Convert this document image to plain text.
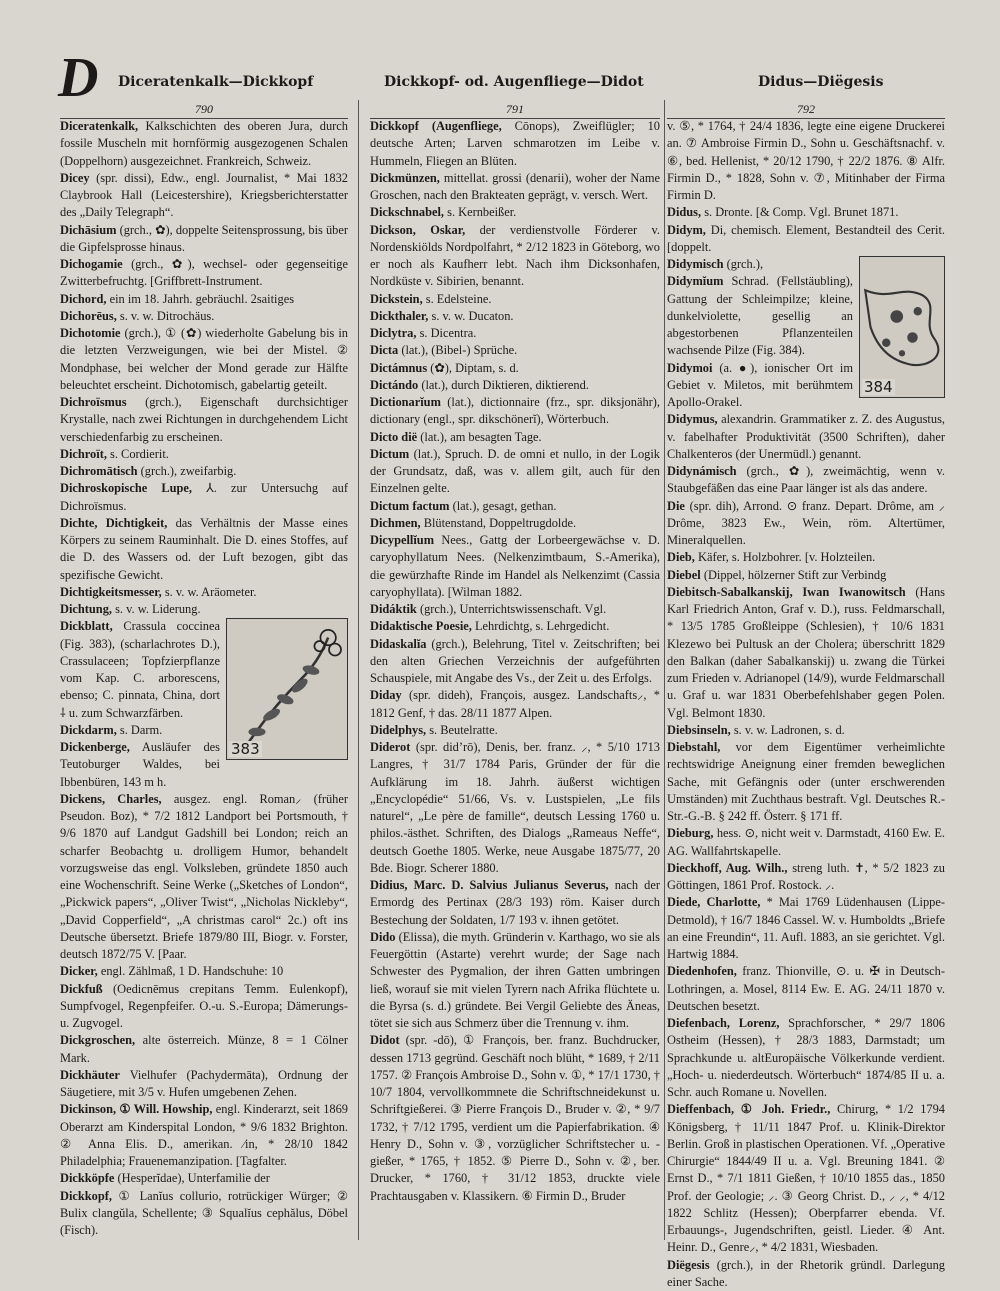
D Diceratenkalk—Dickkopf	Dickkopf- od. Augenfliege—Didot	Didus—Diëgesis
790	791	792

Diceratenkalk, Kalkschichten des oberen Jura, durch fossile Muscheln mit hornförmig ausgezogenen Schalen (Doppelhorn) ausgezeichnet. Frankreich, Schweiz.

Dicey (spr. dissi), Edw., engl. Journalist, * Mai 1832 Claybrook Hall (Leicestershire), Kriegsberichterstatter des „Daily Telegraph“.

Dichāsium (grch., ✿), doppelte Seitensprossung, bis über die Gipfelsprosse hinaus.

Dichogamie (grch., ✿), wechsel- oder gegenseitige Zwitterbefruchtg. [Griffbrett-Instrument.

Dichord, ein im 18. Jahrh. gebräuchl. 2saitiges

Dichorēus, s. v. w. Ditrochäus.

Dichotomie (grch.), ① (✿) wiederholte Gabelung bis in die letzten Verzweigungen, wie bei der Mistel. ② Mondphase, bei welcher der Mond gerade zur Hälfte beleuchtet erscheint. Dichotomisch, gabelartig geteilt.

Dichroïsmus (grch.), Eigenschaft durchsichtiger Krystalle, nach zwei Richtungen in durchgehendem Licht verschiedenfarbig zu erscheinen.

Dichroït, s. Cordierit.

Dichromātisch (grch.), zweifarbig.

Dichroskopische Lupe, ⅄. zur Untersuchg auf Dichroïsmus.

Dichte, Dichtigkeit, das Verhältnis der Masse eines Körpers zu seinem Rauminhalt. Die D. eines Stoffes, auf die D. des Wassers od. der Luft bezogen, gibt das spezifische Gewicht.

Dichtigkeitsmesser, s. v. w. Aräometer.

Dichtung, s. v. w. Liderung.

383

Dickblatt, Crassula coccinea (Fig. 383), (scharlachrotes D.), Crassulaceen; Topfzierpflanze vom Kap. C. arborescens, ebenso; C. pinnata, China, dort ⸸ u. zum Schwarzfärben.

Dickdarm, s. Darm.

Dickenberge, Ausläufer des Teutoburger Waldes, bei Ibbenbüren, 143 m h.

Dickens, Charles, ausgez. engl. Roman⸝ (früher Pseudon. Boz), * 7/2 1812 Landport bei Portsmouth, † 9/6 1870 auf Landgut Gadshill bei London; reich an scharfer Beobachtg u. drolligem Humor, behandelt vorzugsweise das engl. Volksleben, gründete 1850 auch eine Wochenschrift. Seine Werke („Sketches of London“, „Pickwick papers“, „Oliver Twist“, „Nicholas Nickleby“, „David Copperfield“, „A christmas carol“ 2c.) oft ins Deutsche übersetzt. Briefe 1879/80 III, Biogr. v. Forster, deutsch 1872/75 V. [Paar.

Dicker, engl. Zählmaß, 1 D. Handschuhe: 10

Dickfuß (Oedicnēmus crepitans Temm. Eulenkopf), Sumpfvogel, Regenpfeifer. O.-u. S.-Europa; Dämerungs- u. Zugvogel.

Dickgroschen, alte österreich. Münze, 8 = 1 Cölner Mark.

Dickhäuter Vielhufer (Pachydermāta), Ordnung der Säugetiere, mit 3/5 v. Hufen umgebenen Zehen.

Dickinson, ① Will. Howship, engl. Kinderarzt, seit 1869 Oberarzt am Kinderspital London, * 9/6 1832 Brighton. ② Anna Elis. D., amerikan. ⁄in, * 28/10 1842 Philadelphia; Frauenemanzipation. [Tagfalter.

Dickköpfe (Hesperĭdae), Unterfamilie der

Dickkopf, ① Lanĭus collurio, rotrückiger Würger; ② Bulix clangŭla, Schellente; ③ Squalĭus cephălus, Döbel (Fisch).

Dickkopf (Augenfliege, Cōnops), Zweiflügler; 10 deutsche Arten; Larven schmarotzen im Leibe v. Hummeln, Fliegen an Blüten.

Dickmünzen, mittellat. grossi (denarii), woher der Name Groschen, nach den Brakteaten geprägt, v. versch. Wert.

Dickschnabel, s. Kernbeißer.

Dickson, Oskar, der verdienstvolle Förderer v. Nordenskiölds Nordpolfahrt, * 2/12 1823 in Göteborg, wo er noch als Kaufherr lebt. Nach ihm Dicksonhafen, Nordküste v. Sibirien, benannt.

Dickstein, s. Edelsteine.

Dickthaler, s. v. w. Ducaton.

Diclytra, s. Dicentra.

Dicta (lat.), (Bibel-) Sprüche.

Dictámnus (✿), Diptam, s. d.

Dictándo (lat.), durch Diktieren, diktierend.

Dictionarĭum (lat.), dictionnaire (frz., spr. diksjonähr), dictionary (engl., spr. dikschönerĭ), Wörterbuch.

Dicto diё (lat.), am besagten Tage.

Dictum (lat.), Spruch. D. de omni et nullo, in der Logik der Grundsatz, daß, was v. allem gilt, auch für den Einzelnen gelte.

Dictum factum (lat.), gesagt, gethan.

Dichmen, Blütenstand, Doppeltrugdolde.

Dicypellĭum Nees., Gattg der Lorbeergewächse v. D. caryophyllatum Nees. (Nelkenzimtbaum, S.-Amerika), die gewürzhafte Rinde im Handel als Nelkenzimt (Cassia caryophyllata). [Wilman 1882.

Didáktik (grch.), Unterrichtswissenschaft. Vgl.

Didaktische Poesie, Lehrdichtg, s. Lehrgedicht.

Didaskalĭa (grch.), Belehrung, Titel v. Zeitschriften; bei den alten Griechen Verzeichnis der aufgeführten Schauspiele, mit Angabe des Vs., der Zeit u. des Erfolgs.

Diday (spr. dideh), François, ausgez. Landschafts⸝, * 1812 Genf, † das. 28/11 1877 Alpen.

Didelphys, s. Beutelratte.

Diderot (spr. did’rō), Denis, ber. franz. ⸝, * 5/10 1713 Langres, † 31/7 1784 Paris, Gründer der für die Aufklärung im 18. Jahrh. äußerst wichtigen „Encyclopédie“ 51/66, Vs. v. Lustspielen, „Le fils naturel“, „Le père de famille“, deutsch Lessing 1760 u. philos.-ästhet. Schriften, des Dialogs „Rameaus Neffe“, deutsch Goethe 1805. Werke, neue Ausgabe 1875/77, 20 Bde. Biogr. Scherer 1880.

Didius, Marc. D. Salvius Julianus Severus, nach der Ermordg des Pertinax (28/3 193) röm. Kaiser durch Bestechung der Soldaten, 1/7 193 v. ihnen getötet.

Dido (Elissa), die myth. Gründerin v. Karthago, wo sie als Feuergöttin (Astarte) verehrt wurde; der Sage nach Schwester des Pygmalion, der ihren Gatten umbringen ließ, worauf sie mit vielen Tyrern nach Afrika flüchtete u. die Byrsa (s. d.) gründete. Bei Vergil Geliebte des Äneas, tötet sie sich aus Schmerz über die Trennung v. ihm.

Didot (spr. -dō), ① François, ber. franz. Buchdrucker, dessen 1713 gegründ. Geschäft noch blüht, * 1689, † 2/11 1757. ② François Ambroise D., Sohn v. ①, * 17/1 1730, † 10/7 1804, vervollkommnete die Schriftschneidekunst u. Schriftgießerei. ③ Pierre François D., Bruder v. ②, * 9/7 1732, † 7/12 1795, verdient um die Papierfabrikation. ④ Henry D., Sohn v. ③, vorzüglicher Schriftstecher u. -gießer, * 1765, † 1852. ⑤ Pierre D., Sohn v. ②, ber. Drucker, * 1760, † 31/12 1853, druckte viele Prachtausgaben v. Klassikern. ⑥ Firmin D., Bruder

v. ⑤, * 1764, † 24/4 1836, legte eine eigene Druckerei an. ⑦ Ambroise Firmin D., Sohn u. Geschäftsnachf. v. ⑥, bed. Hellenist, * 20/12 1790, † 22/2 1876. ⑧ Alfr. Firmin D., * 1828, Sohn v. ⑦, Mitinhaber der Firma Firmin D.

Didus, s. Dronte. [& Comp. Vgl. Brunet 1871.

Didym, Di, chemisch. Element, Bestandteil des Cerit. [doppelt.

384

Didymisch (grch.),

Didymĭum Schrad. (Fellstäubling), Gattung der Schleimpilze; kleine, dunkelviolette, gesellig an abgestorbenen Pflanzenteilen wachsende Pilze (Fig. 384).

Didymoi (a. ●), ionischer Ort im Gebiet v. Miletos, mit berühmtem Apollo-Orakel.

Didymus, alexandrin. Grammatiker z. Z. des Augustus, v. fabelhafter Produktivität (3500 Schriften), daher Chalkenteros (der Unermüdl.) genannt.

Didynámisch (grch., ✿), zweimächtig, wenn v. Staubgefäßen das eine Paar länger ist als das andere.

Die (spr. dih), Arrond. ⊙ franz. Depart. Drôme, am ⸝ Drôme, 3823 Ew., Wein, röm. Altertümer, Mineralquellen.

Dieb, Käfer, s. Holzbohrer. [v. Holzteilen.

Diebel (Dippel, hölzerner Stift zur Verbindg

Diebitsch-Sabalkanskij, Iwan Iwanowitsch (Hans Karl Friedrich Anton, Graf v. D.), russ. Feldmarschall, * 13/5 1785 Großleippe (Schlesien), † 10/6 1831 Klezewo bei Pultusk an der Cholera; überschritt 1829 den Balkan (daher Sabalkanskij) u. zwang die Türkei zum Frieden v. Adrianopel (14/9), wurde Feldmarschall u. Graf u. war 1831 Oberbefehlshaber gegen Polen. Vgl. Belmont 1830.

Diebsinseln, s. v. w. Ladronen, s. d.

Diebstahl, vor dem Eigentümer verheimlichte rechtswidrige Aneignung einer fremden beweglichen Sache, mit Gefängnis oder (unter erschwerenden Umständen) mit Zuchthaus bestraft. Vgl. Deutsches R.-Str.-G.-B. § 242 ff. Österr. § 171 ff.

Dieburg, hess. ⊙, nicht weit v. Darmstadt, 4160 Ew. E. AG. Wallfahrtskapelle.

Dieckhoff, Aug. Wilh., streng luth. ✝, * 5/2 1823 zu Göttingen, 1861 Prof. Rostock. ⸝.

Diede, Charlotte, * Mai 1769 Lüdenhausen (Lippe-Detmold), † 16/7 1846 Cassel. W. v. Humboldts „Briefe an eine Freundin“, 11. Aufl. 1883, an sie gerichtet. Vgl. Hartwig 1884.

Diedenhofen, franz. Thionville, ⊙. u. ✠ in Deutsch-Lothringen, a. Mosel, 8114 Ew. E. AG. 24/11 1870 v. Deutschen besetzt.

Diefenbach, Lorenz, Sprachforscher, * 29/7 1806 Ostheim (Hessen), † 28/3 1883, Darmstadt; um Sprachkunde u. altEuropäische Völkerkunde verdient. „Hoch- u. niederdeutsch. Wörterbuch“ 1874/85 II u. a. Schr. auch Romane u. Novellen.

Dieffenbach, ① Joh. Friedr., Chirurg, * 1/2 1794 Königsberg, † 11/11 1847 Prof. u. Klinik-Direktor Berlin. Groß in plastischen Operationen. Vf. „Operative Chirurgie“ 1844/49 II u. a. Vgl. Breuning 1841. ② Ernst D., * 7/1 1811 Gießen, † 10/10 1855 das., 1850 Prof. der Geologie; ⸝. ③ Georg Christ. D., ⸝ ⸝, * 4/12 1822 Schlitz (Hessen); Oberpfarrer ebenda. Vf. Erbauungs-, Jugendschriften, geistl. Lieder. ④ Ant. Heinr. D., Genre⸝, * 4/2 1831, Wiesbaden.

Diëgesis (grch.), in der Rhetorik gründl. Darlegung einer Sache.
